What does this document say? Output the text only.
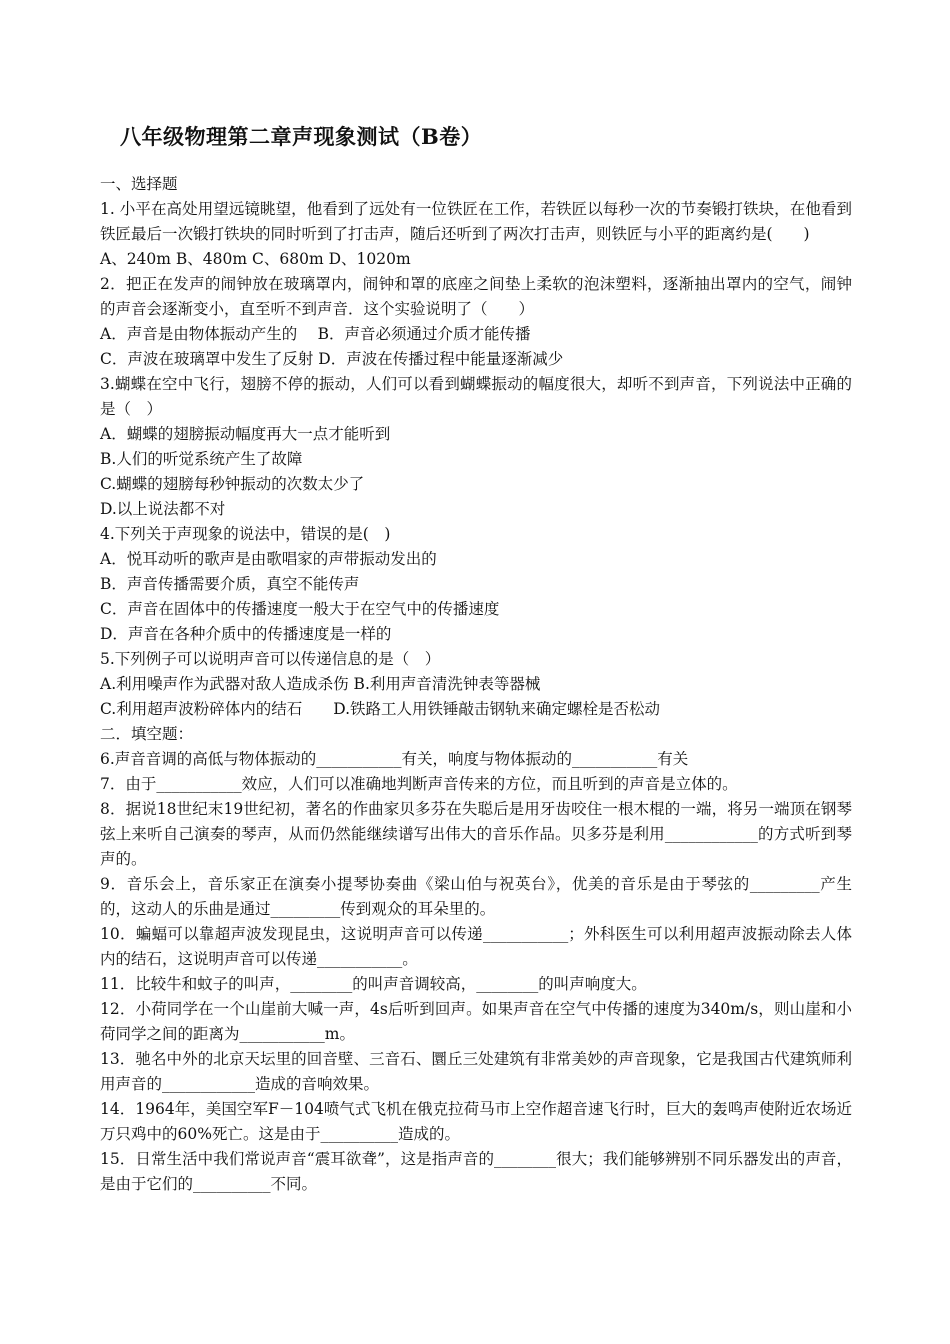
八年级物理第二章声现象测试（B卷）

一、选择题

1. 小平在高处用望远镜眺望，他看到了远处有一位铁匠在工作，若铁匠以每秒一次的节奏锻打铁块，在他看到铁匠最后一次锻打铁块的同时听到了打击声，随后还听到了两次打击声，则铁匠与小平的距离约是(　　)

A、240m B、480m C、680m D、1020m

2．把正在发声的闹钟放在玻璃罩内，闹钟和罩的底座之间垫上柔软的泡沫塑料，逐渐抽出罩内的空气，闹钟的声音会逐渐变小，直至听不到声音．这个实验说明了（　　）

A．声音是由物体振动产生的　 B．声音必须通过介质才能传播

C．声波在玻璃罩中发生了反射 D．声波在传播过程中能量逐渐减少

3.蝴蝶在空中飞行，翅膀不停的振动，人们可以看到蝴蝶振动的幅度很大，却听不到声音，下列说法中正确的是（　）

A．蝴蝶的翅膀振动幅度再大一点才能听到

B.人们的听觉系统产生了故障

C.蝴蝶的翅膀每秒钟振动的次数太少了

D.以上说法都不对

4.下列关于声现象的说法中，错误的是(　)

A．悦耳动听的歌声是由歌唱家的声带振动发出的

B．声音传播需要介质，真空不能传声

C．声音在固体中的传播速度一般大于在空气中的传播速度

D．声音在各种介质中的传播速度是一样的

5.下列例子可以说明声音可以传递信息的是（　）

A.利用噪声作为武器对敌人造成杀伤 B.利用声音清洗钟表等器械

C.利用超声波粉碎体内的结石　　D.铁路工人用铁锤敲击钢轨来确定螺栓是否松动

二．填空题：

6.声音音调的高低与物体振动的___________有关，响度与物体振动的___________有关

7．由于___________效应，人们可以准确地判断声音传来的方位，而且听到的声音是立体的。

8．据说18世纪末19世纪初，著名的作曲家贝多芬在失聪后是用牙齿咬住一根木棍的一端，将另一端顶在钢琴弦上来听自己演奏的琴声，从而仍然能继续谱写出伟大的音乐作品。贝多芬是利用____________的方式听到琴声的。

9．音乐会上，音乐家正在演奏小提琴协奏曲《梁山伯与祝英台》，优美的音乐是由于琴弦的_________产生的，这动人的乐曲是通过_________传到观众的耳朵里的。

10．蝙蝠可以靠超声波发现昆虫，这说明声音可以传递___________；外科医生可以利用超声波振动除去人体内的结石，这说明声音可以传递___________。

11．比较牛和蚊子的叫声，________的叫声音调较高，________的叫声响度大。

12．小荷同学在一个山崖前大喊一声，4s后听到回声。如果声音在空气中传播的速度为340m/s，则山崖和小荷同学之间的距离为___________m。

13．驰名中外的北京天坛里的回音壁、三音石、圜丘三处建筑有非常美妙的声音现象，它是我国古代建筑师利用声音的____________造成的音响效果。

14．1964年，美国空军F－104喷气式飞机在俄克拉荷马市上空作超音速飞行时，巨大的轰鸣声使附近农场近万只鸡中的60%死亡。这是由于__________造成的。

15．日常生活中我们常说声音“震耳欲聋”，这是指声音的________很大；我们能够辨别不同乐器发出的声音，是由于它们的__________不同。
